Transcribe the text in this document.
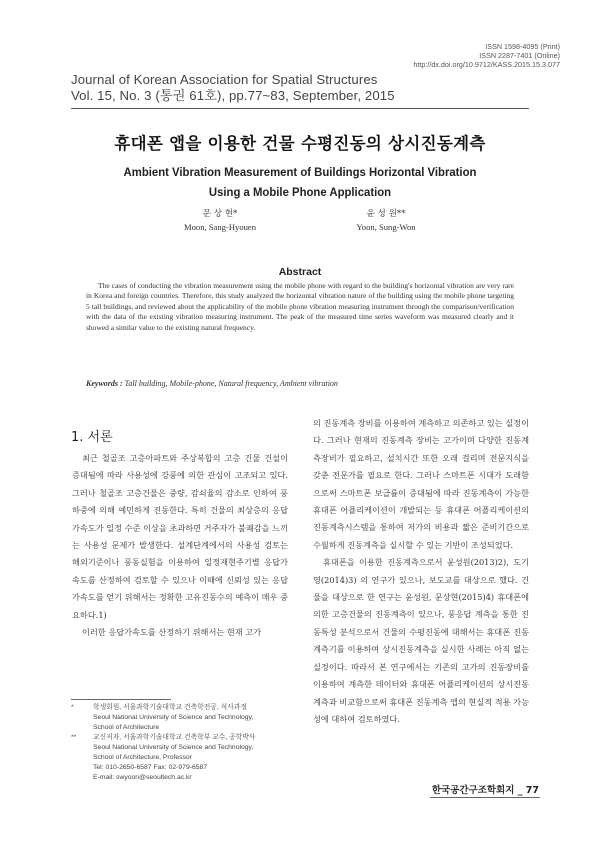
ISSN 1598-4095 (Print)
ISSN 2287-7401 (Online)
http://dx.doi.org/10.9712/KASS.2015.15.3.077
Journal of Korean Association for Spatial Structures
Vol. 15, No. 3 (통권 61호), pp.77~83, September, 2015
휴대폰 앱을 이용한 건물 수평진동의 상시진동계측
Ambient Vibration Measurement of Buildings Horizontal Vibration
Using a Mobile Phone Application
문 상 현*
Moon, Sang-Hyouen
윤 성 원**
Yoon, Sung-Won
Abstract
The cases of conducting the vibration measurement using the mobile phone with regard to the building's horizontal vibration are very rare in Korea and foreign countries. Therefore, this study analyzed the horizontal vibration nature of the building using the mobile phone targeting 5 tall buildings, and reviewed about the applicability of the mobile phone vibration measuring instrument through the comparison/verification with the data of the existing vibration measuring instrument. The peak of the measured time series waveform was measured clearly and it showed a similar value to the existing natural frequency.
Keywords : Tall building, Mobile-phone, Natural frequency, Ambient vibration
1. 서론

최근 철골조 고층아파트와 주상복합의 고층 건물 건설이 증대됨에 따라 사용성에 강풍에 의한 관심이 고조되고 있다. 그러나 철골조 고층건물은 중량, 감쇠율의 감소로 인하여 풍하중에 의해 예민하게 진동한다. 특히 건물의 최상층의 응답가속도가 일정 수준 이상을 초과하면 거주자가 불쾌감을 느끼는 사용성 문제가 발생한다. 설계단계에서의 사용성 검토는 해외기준이나 풍동실험을 이용하여 일정재현주기별 응답가속도를 산정하여 검토할 수 있으나 이때에 신뢰성 있는 응답가속도를 얻기 위해서는 정확한 고유진동수의 예측이 매우 중요하다.1)

이러한 응답가속도를 산정하기 위해서는 현재 고가

의 진동계측 장비를 이용하여 계측하고 의존하고 있는 실정이다. 그러나 현재의 진동계측 장비는 고가이며 다양한 진동계측장비가 필요하고, 설치시간 또한 오래 걸리며 전문지식을 갖춘 전문가를 필요로 한다. 그러나 스마트폰 시대가 도래함으로써 스마트폰 보급률이 증대됨에 따라 진동계측이 가능한 휴대폰 어플리케이션이 개발되는 등 휴대폰 어플리케이션의 진동계측시스템을 통하여 저가의 비용과 짧은 준비기간으로 수월하게 진동계측을 실시할 수 있는 기반이 조성되었다.

휴대폰을 이용한 진동계측으로서 윤성원(2013)2), 도기영(2014)3) 의 연구가 있으나, 보도교를 대상으로 했다. 건물을 대상으로 한 연구는 윤성원, 문상현(2015)4) 휴대폰에 의한 고층건물의 진동계측이 있으나, 풍응답 계측을 통한 진동특성 분석으로서 건물의 수평진동에 대해서는 휴대폰 진동계측기를 이용하여 상시진동계측을 실시한 사례는 아직 없는 실정이다. 따라서 본 연구에서는 기존의 고가의 진동장비를 이용하여 계측한 데이터와 휴대폰 어플리케이션의 상시진동계측과 비교함으로써 휴대폰 진동계측 앱의 현실적 적용 가능성에 대하여 검토하였다.

*	학생회원, 서울과학기술대학교 건축학전공, 석사과정
Seoul National University of Science and Technology,
School of Architecture
**	교신저자, 서울과학기술대학교 건축학부 교수, 공학박사
Seoul National University of Science and Technology,
School of Architecture, Professor
Tel: 010-2650-6587 Fax: 02-979-6587
E-mail: swyoon@seoultech.ac.kr
한국공간구조학회지 _ 77
